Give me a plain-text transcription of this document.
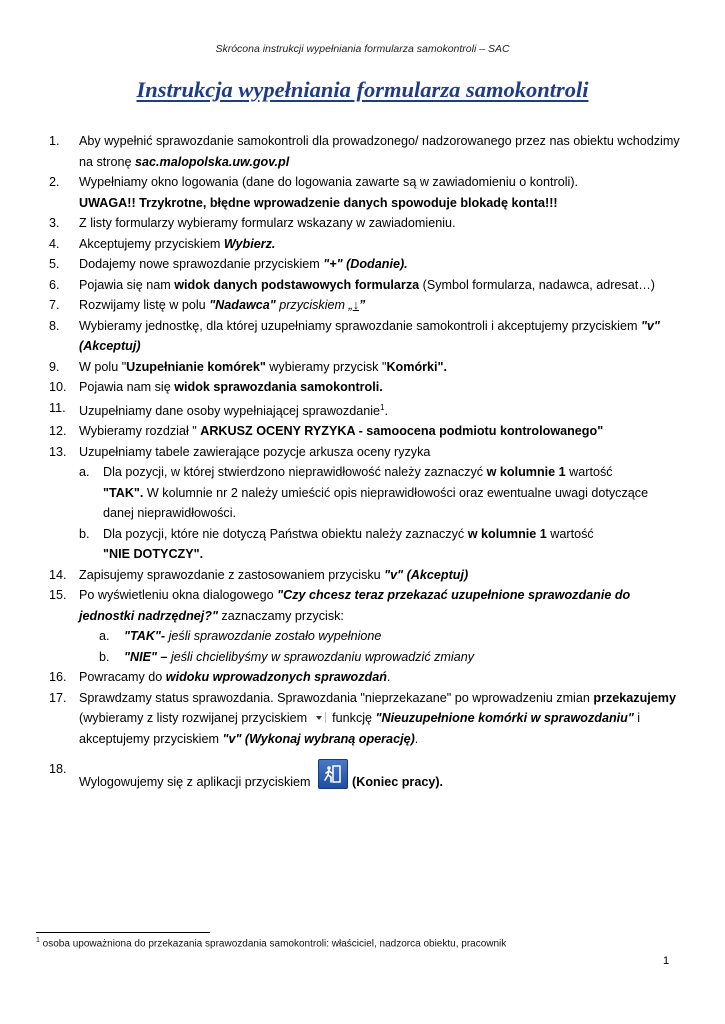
Skrócona instrukcji wypełniania formularza samokontroli – SAC
Instrukcja wypełniania formularza samokontroli
1. Aby wypełnić sprawozdanie samokontroli dla prowadzonego/ nadzorowanego przez nas obiektu wchodzimy na stronę sac.malopolska.uw.gov.pl
2. Wypełniamy okno logowania (dane do logowania zawarte są w zawiadomieniu o kontroli).
UWAGA!! Trzykrotne, błędne wprowadzenie danych spowoduje blokadę konta!!!
3. Z listy formularzy wybieramy formularz wskazany w zawiadomieniu.
4. Akceptujemy przyciskiem Wybierz.
5. Dodajemy nowe sprawozdanie przyciskiem "+" (Dodanie).
6. Pojawia się nam widok danych podstawowych formularza (Symbol formularza, nadawca, adresat…)
7. Rozwijamy listę w polu "Nadawca" przyciskiem „↓”
8. Wybieramy jednostkę, dla której uzupełniamy sprawozdanie samokontroli i akceptujemy przyciskiem "v" (Akceptuj)
9. W polu "Uzupełnianie komórek" wybieramy przycisk "Komórki".
10. Pojawia nam się widok sprawozdania samokontroli.
11. Uzupełniamy dane osoby wypełniającej sprawozdanie$^1$.
12. Wybieramy rozdział " ARKUSZ OCENY RYZYKA - samoocena podmiotu kontrolowanego"
13. Uzupełniamy tabele zawierające pozycje arkusza oceny ryzyka
a. Dla pozycji, w której stwierdzono nieprawidłowość należy zaznaczyć w kolumnie 1 wartość
"TAK". W kolumnie nr 2 należy umieścić opis nieprawidłowości oraz ewentualne uwagi dotyczące danej nieprawidłowości.
b. Dla pozycji, które nie dotyczą Państwa obiektu należy zaznaczyć w kolumnie 1 wartość
"NIE DOTYCZY".
14. Zapisujemy sprawozdanie z zastosowaniem przycisku "v" (Akceptuj)
15. Po wyświetleniu okna dialogowego "Czy chcesz teraz przekazać uzupełnione sprawozdanie do jednostki nadrzędnej?" zaznaczamy przycisk:
a. "TAK"- jeśli sprawozdanie zostało wypełnione
b. "NIE" – jeśli chcielibyśmy w sprawozdaniu wprowadzić zmiany
16. Powracamy do widoku wprowadzonych sprawozdań.
17. Sprawdzamy status sprawozdania. Sprawozdania "nieprzekazane" po wprowadzeniu zmian przekazujemy (wybieramy z listy rozwijanej przyciskiem  funkcję "Nieuzupełnione komórki w sprawozdaniu" i akceptujemy przyciskiem "v" (Wykonaj wybraną operację).
18.
Wylogowujemy się z aplikacji przyciskiem	(Koniec pracy).
$^1$ osoba upoważniona do przekazania sprawozdania samokontroli: właściciel, nadzorca obiektu, pracownik
1
